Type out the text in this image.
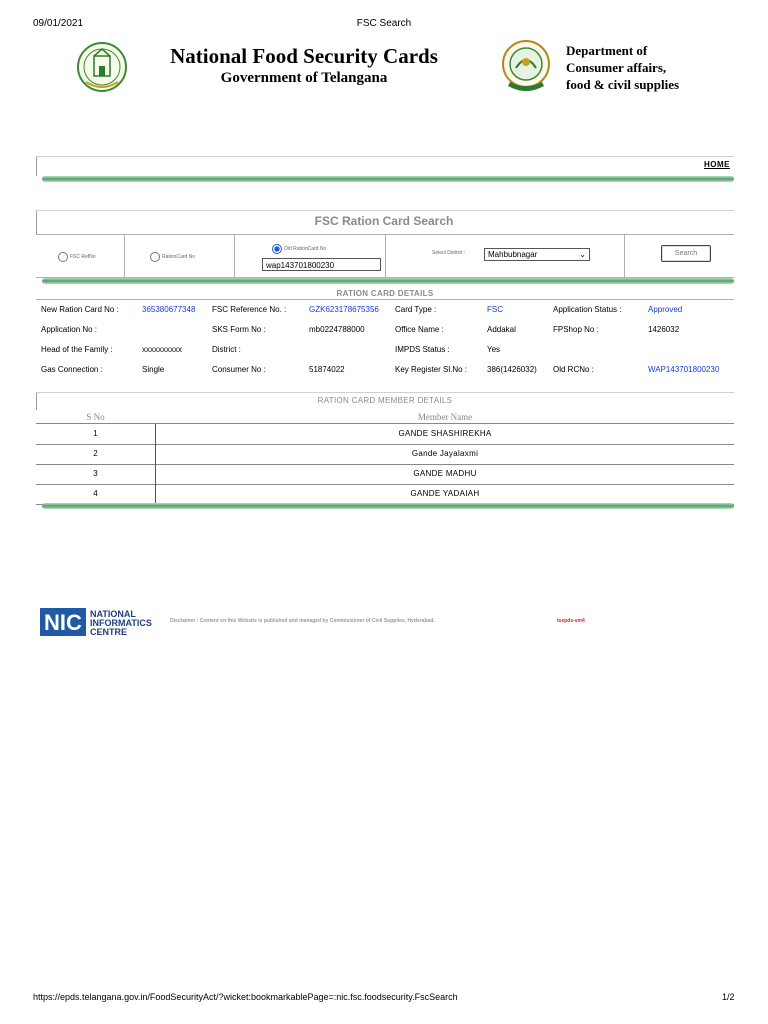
09/01/2021	FSC Search
National Food Security Cards
Government of Telangana
Department of
Consumer affairs,
food & civil supplies
HOME
FSC Ration Card Search
FSC RefNo	RationCard No
Old RationCard No
wap143701800230
Select District :	Mahbubnagar	⌄	Search
RATION CARD DETAILS
New Ration Card No :	365380677348 FSC Reference No. :	GZK623178675356 Card Type :	FSC	Application Status :	Approved
Application No :	SKS Form No :	mb0224788000	Office Name :	Addakal	FPShop No :	1426032
Head of the Family :	xxxxxxxxxx	District :	IMPDS Status :	Yes
Gas Connection :	Single	Consumer No :	51874022	Key Register Sl.No : 386(1426032) Old RCNo :	WAP143701800230
RATION CARD MEMBER DETAILS
S No	Member Name
1	GANDE SHASHIREKHA
2	Gande Jayalaxmi
3	GANDE MADHU
4	GANDE YADAIAH
NIC NATIONAL
INFORMATICS
CENTRE
Disclaimer : Content on this Website is published and managed by Commissioner of Civil Supplies, Hyderabad.	tsepds-vm4
https://epds.telangana.gov.in/FoodSecurityAct/?wicket:bookmarkablePage=:nic.fsc.foodsecurity.FscSearch	1/2
